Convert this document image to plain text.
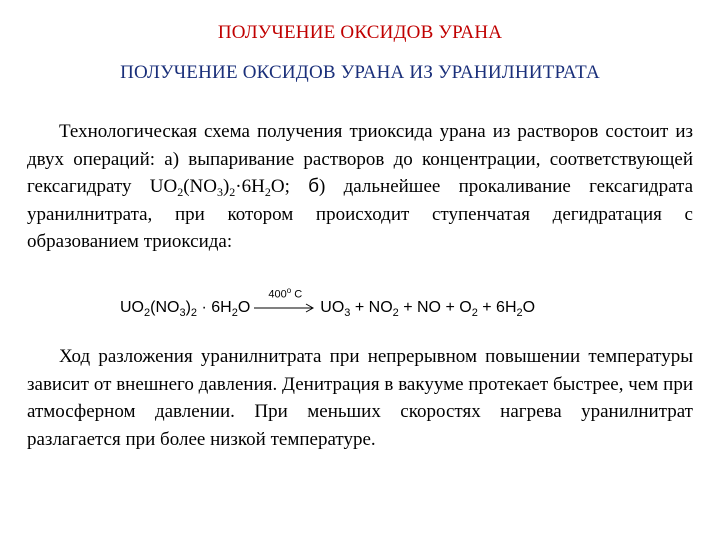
ПОЛУЧЕНИЕ ОКСИДОВ УРАНА
ПОЛУЧЕНИЕ ОКСИДОВ УРАНА ИЗ УРАНИЛНИТРАТА
Технологическая схема получения триоксида урана из растворов состоит из двух операций: а) выпаривание растворов до концентрации, соответствующей гексагидрату $UO_2(NO_3)_2\cdot 6H_2O$; б) дальнейшее прокаливание гексагидрата уранилнитрата, при котором происходит ступенчатая дегидратация с образованием триоксида:
$UO_2(NO_3)_2 \cdot 6H_2O$
400$^o$ C
$UO_3 + NO_2$ + NO + $O_2 + 6H_2O$
Ход разложения уранилнитрата при непрерывном повышении температуры зависит от внешнего давления. Денитрация в вакууме протекает быстрее, чем при атмосферном давлении. При меньших скоростях нагрева уранилнитрат разлагается при более низкой температуре.
